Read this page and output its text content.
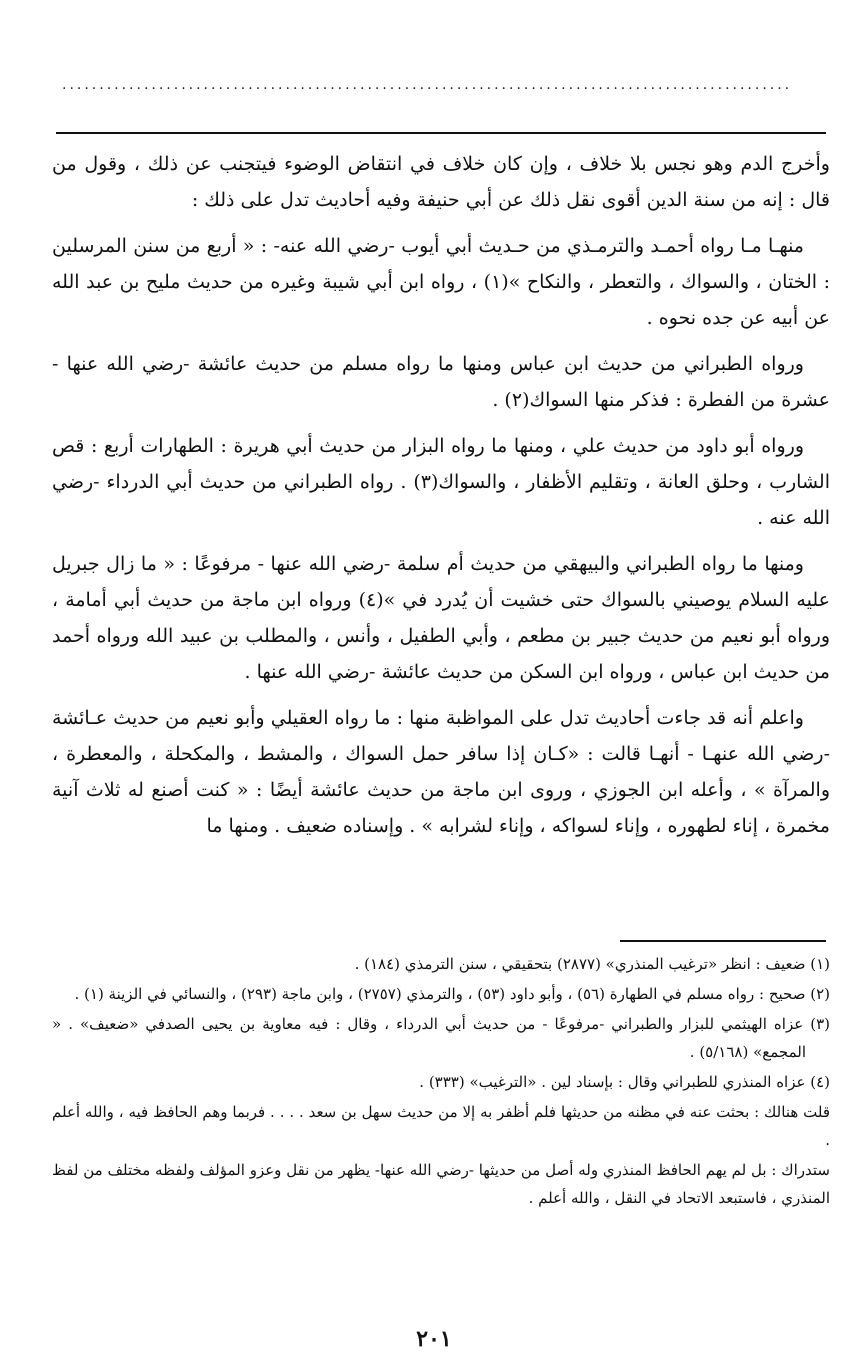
..................................................................................................

وأخرج الدم وهو نجس بلا خلاف ، وإن كان خلاف في انتقاض الوضوء فيتجنب عن ذلك ، وقول من قال : إنه من سنة الدين أقوى نقل ذلك عن أبي حنيفة وفيه أحاديث تدل على ذلك :

منهـا مـا رواه أحمـد والترمـذي من حـديث أبي أيوب -رضي الله عنه- : « أربع من سنن المرسلين : الختان ، والسواك ، والتعطر ، والنكاح »(١) ، رواه ابن أبي شيبة وغيره من حديث مليح بن عبد الله عن أبيه عن جده نحوه .

ورواه الطبراني من حديث ابن عباس ومنها ما رواه مسلم من حديث عائشة -رضي الله عنها - عشرة من الفطرة : فذكر منها السواك(٢) .

ورواه أبو داود من حديث علي ، ومنها ما رواه البزار من حديث أبي هريرة : الطهارات أربع : قص الشارب ، وحلق العانة ، وتقليم الأظفار ، والسواك(٣) . رواه الطبراني من حديث أبي الدرداء -رضي الله عنه .

ومنها ما رواه الطبراني والبيهقي من حديث أم سلمة -رضي الله عنها - مرفوعًا : « ما زال جبريل عليه السلام يوصيني بالسواك حتى خشيت أن يُدرد في »(٤) ورواه ابن ماجة من حديث أبي أمامة ، ورواه أبو نعيم من حديث جبير بن مطعم ، وأبي الطفيل ، وأنس ، والمطلب بن عبيد الله ورواه أحمد من حديث ابن عباس ، ورواه ابن السكن من حديث عائشة -رضي الله عنها .

واعلم أنه قد جاءت أحاديث تدل على المواظبة منها : ما رواه العقيلي وأبو نعيم من حديث عـائشة -رضي الله عنهـا - أنهـا قالت : «كـان إذا سافر حمل السواك ، والمشط ، والمكحلة ، والمعطرة ، والمرآة » ، وأعله ابن الجوزي ، وروى ابن ماجة من حديث عائشة أيضًا : « كنت أصنع له ثلاث آنية مخمرة ، إناء لطهوره ، وإناء لسواكه ، وإناء لشرابه » . وإسناده ضعيف . ومنها ما

(١) ضعيف : انظر «ترغيب المنذري» (٢٨٧٧) بتحقيقي ، سنن الترمذي (١٨٤) .

(٢) صحيح : رواه مسلم في الطهارة (٥٦) ، وأبو داود (٥٣) ، والترمذي (٢٧٥٧) ، وابن ماجة (٢٩٣) ، والنسائي في الزينة (١) .

(٣) عزاه الهيثمي للبزار والطبراني -مرفوعًا - من حديث أبي الدرداء ، وقال : فيه معاوية بن يحيى الصدفي «ضعيف» . « المجمع» (٥/١٦٨) .

(٤) عزاه المنذري للطبراني وقال : بإسناد لين . «الترغيب» (٣٣٣) .

قلت هنالك : بحثت عنه في مظنه من حديثها فلم أظفر به إلا من حديث سهل بن سعد . . . . فربما وهم الحافظ فيه ، والله أعلم .

ستدراك : بل لم يهم الحافظ المنذري وله أصل من حديثها -رضي الله عنها- يظهر من نقل وعزو المؤلف ولفظه مختلف من لفظ المنذري ، فاستبعد الاتحاد في النقل ، والله أعلم .

٢٠١
